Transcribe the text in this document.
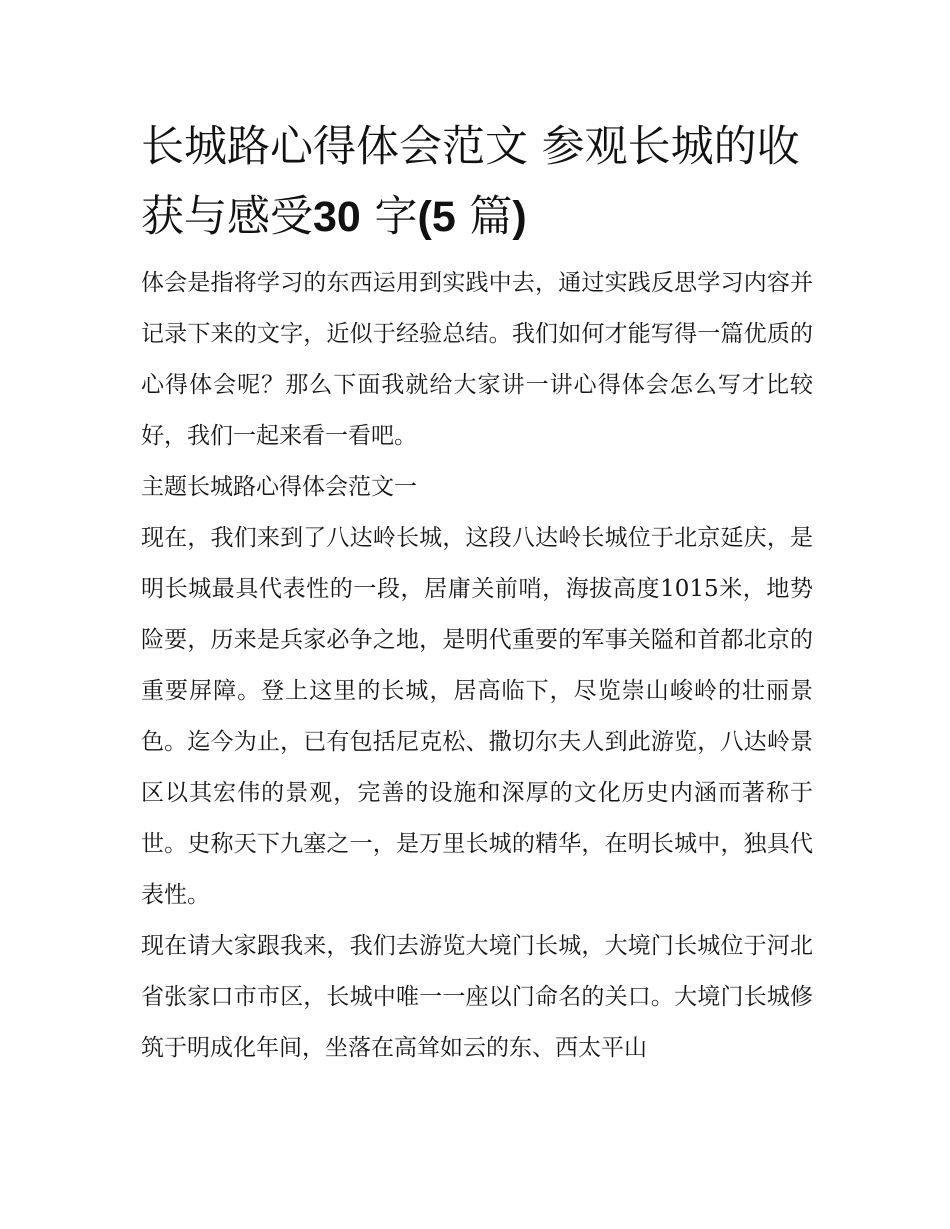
长城路心得体会范文 参观长城的收获与感受30 字(5 篇)

体会是指将学习的东西运用到实践中去，通过实践反思学习内容并记录下来的文字，近似于经验总结。我们如何才能写得一篇优质的心得体会呢？那么下面我就给大家讲一讲心得体会怎么写才比较好，我们一起来看一看吧。

主题长城路心得体会范文一

现在，我们来到了八达岭长城，这段八达岭长城位于北京延庆，是明长城最具代表性的一段，居庸关前哨，海拔高度1015米，地势险要，历来是兵家必争之地，是明代重要的军事关隘和首都北京的重要屏障。登上这里的长城，居高临下，尽览崇山峻岭的壮丽景色。迄今为止，已有包括尼克松、撒切尔夫人到此游览，八达岭景区以其宏伟的景观，完善的设施和深厚的文化历史内涵而著称于世。史称天下九塞之一，是万里长城的精华，在明长城中，独具代表性。

现在请大家跟我来，我们去游览大境门长城，大境门长城位于河北省张家口市市区，长城中唯一一座以门命名的关口。大境门长城修筑于明成化年间，坐落在高耸如云的东、西太平山
